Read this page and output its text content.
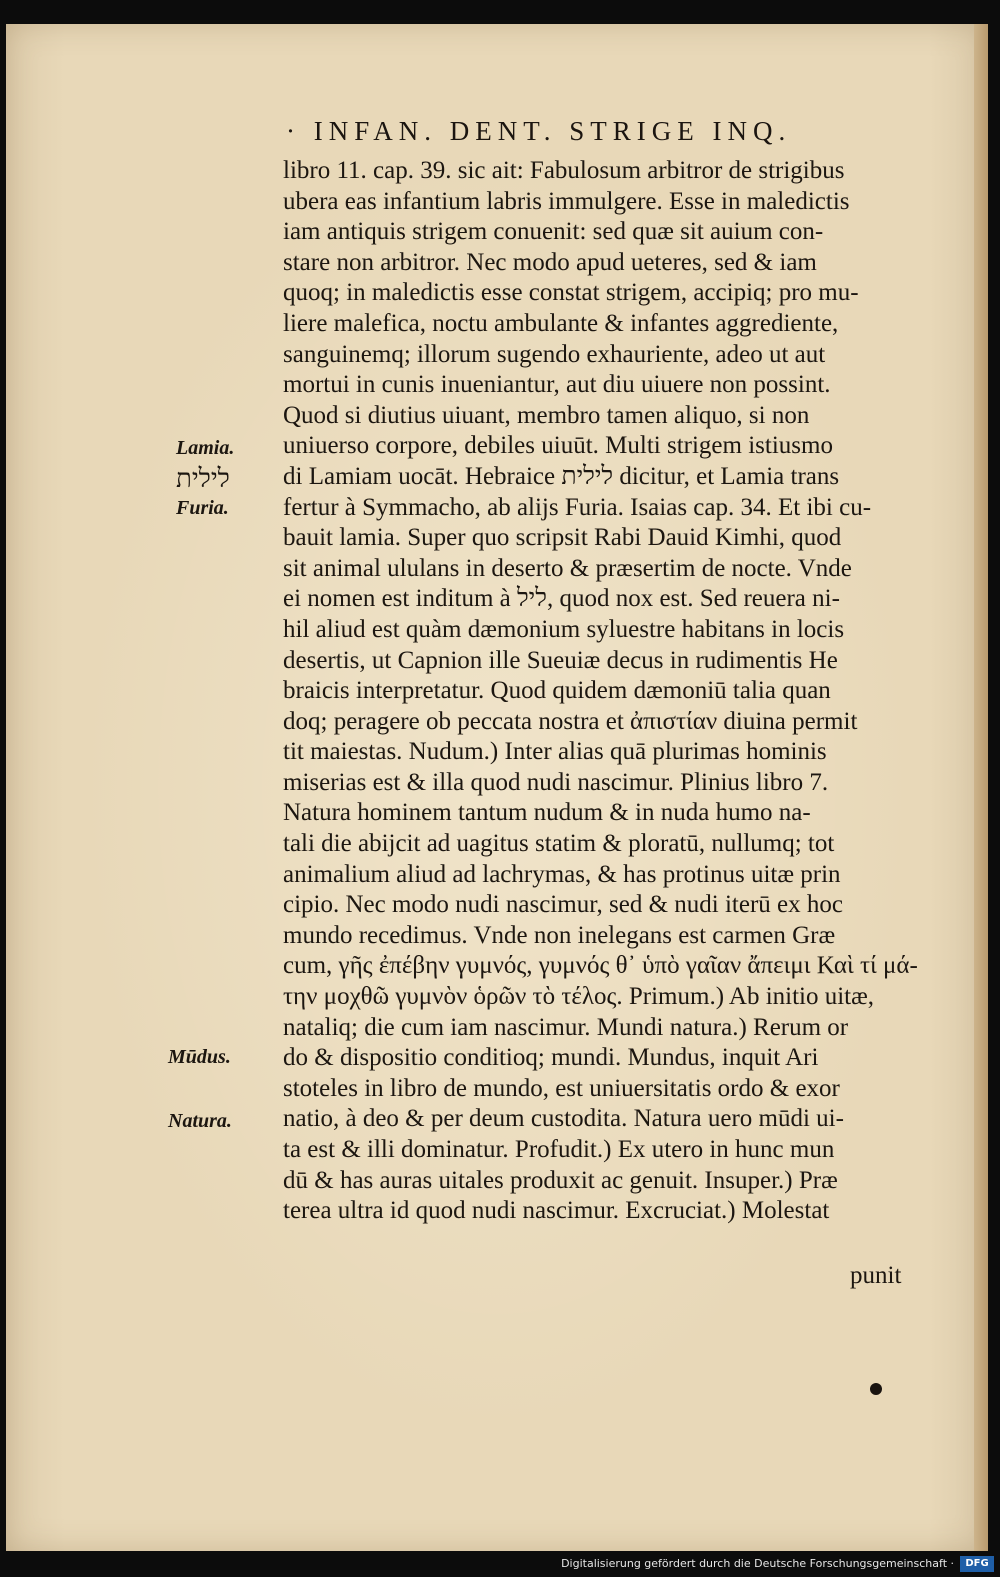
· INFAN. DENT. STRIGE INQ.
libro 11. cap. 39. sic ait: Fabulosum arbitror de strigibus
ubera eas infantium labris immulgere. Esse in maledictis
iam antiquis strigem conuenit: sed quæ sit auium con-
stare non arbitror. Nec modo apud ueteres, sed & iam
quoq; in maledictis esse constat strigem, accipiq; pro mu-
liere malefica, noctu ambulante & infantes aggrediente,
sanguinemq; illorum sugendo exhauriente, adeo ut aut
mortui in cunis inueniantur, aut diu uiuere non possint.
Quod si diutius uiuant, membro tamen aliquo, si non
uniuerso corpore, debiles uiuūt. Multi strigem istiusmo
di Lamiam uocāt. Hebraice לילית dicitur, et Lamia trans
fertur à Symmacho, ab alijs Furia. Isaias cap. 34. Et ibi cu-
bauit lamia. Super quo scripsit Rabi Dauid Kimhi, quod
sit animal ululans in deserto & præsertim de nocte. Vnde
ei nomen est inditum à ליל, quod nox est. Sed reuera ni-
hil aliud est quàm dæmonium syluestre habitans in locis
desertis, ut Capnion ille Sueuiæ decus in rudimentis He
braicis interpretatur. Quod quidem dæmoniū talia quan
doq; peragere ob peccata nostra et ἀπιστίαν diuina permit
tit maiestas. Nudum.) Inter alias quā plurimas hominis
miserias est & illa quod nudi nascimur. Plinius libro 7.
Natura hominem tantum nudum & in nuda humo na-
tali die abijcit ad uagitus statim & ploratū, nullumq; tot
animalium aliud ad lachrymas, & has protinus uitæ prin
cipio. Nec modo nudi nascimur, sed & nudi iterū ex hoc
mundo recedimus. Vnde non inelegans est carmen Græ
cum, γῆς ἐπέβην γυμνός, γυμνός θ᾽ ὑπὸ γαῖαν ἄπειμι Καὶ τί μά-
την μοχθῶ γυμνὸν ὁρῶν τὸ τέλος. Primum.) Ab initio uitæ,
nataliq; die cum iam nascimur. Mundi natura.) Rerum or
do & dispositio conditioq; mundi. Mundus, inquit Ari
stoteles in libro de mundo, est uniuersitatis ordo & exor
natio, à deo & per deum custodita. Natura uero mūdi ui-
ta est & illi dominatur. Profudit.) Ex utero in hunc mun
dū & has auras uitales produxit ac genuit. Insuper.) Præ
terea ultra id quod nudi nascimur. Excruciat.) Molestat
Lamia.
לילית
Furia.
Mūdus.
Natura.
punit
Digitalisierung gefördert durch die Deutsche Forschungsgemeinschaft ·	DFG
